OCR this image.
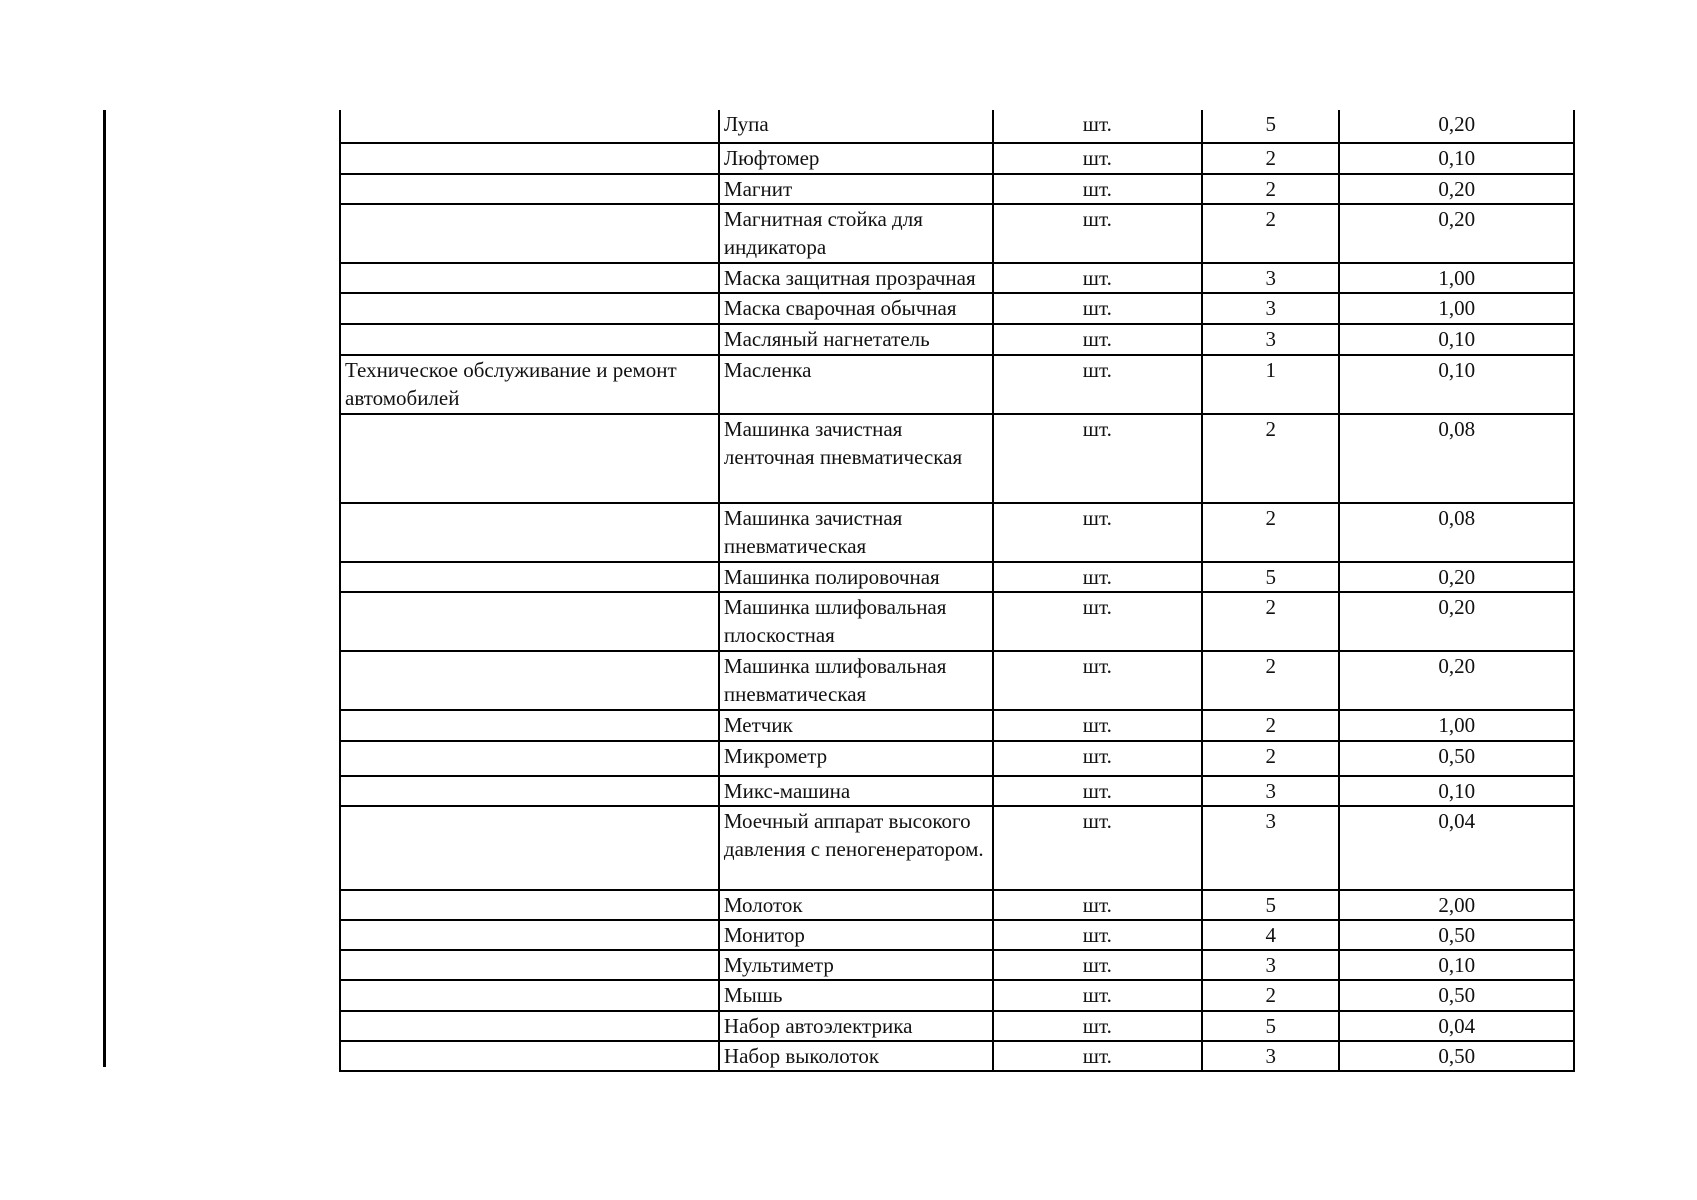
	Лупа	шт.	5	0,20
	Люфтомер	шт.	2	0,10
	Магнит	шт.	2	0,20
	Магнитная стойка для индикатора	шт.	2	0,20
	Маска защитная прозрачная	шт.	3	1,00
	Маска сварочная обычная	шт.	3	1,00
	Масляный нагнетатель	шт.	3	0,10
Техническое обслуживание и ремонт автомобилей	Масленка	шт.	1	0,10
	Машинка зачистная ленточная пневматическая	шт.	2	0,08
	Машинка зачистная пневматическая	шт.	2	0,08
	Машинка полировочная	шт.	5	0,20
	Машинка шлифовальная плоскостная	шт.	2	0,20
	Машинка шлифовальная пневматическая	шт.	2	0,20
	Метчик	шт.	2	1,00
	Микрометр	шт.	2	0,50
	Микс-машина	шт.	3	0,10
	Моечный аппарат высокого давления с пеногенератором.	шт.	3	0,04
	Молоток	шт.	5	2,00
	Монитор	шт.	4	0,50
	Мультиметр	шт.	3	0,10
	Мышь	шт.	2	0,50
	Набор автоэлектрика	шт.	5	0,04
	Набор выколоток	шт.	3	0,50
